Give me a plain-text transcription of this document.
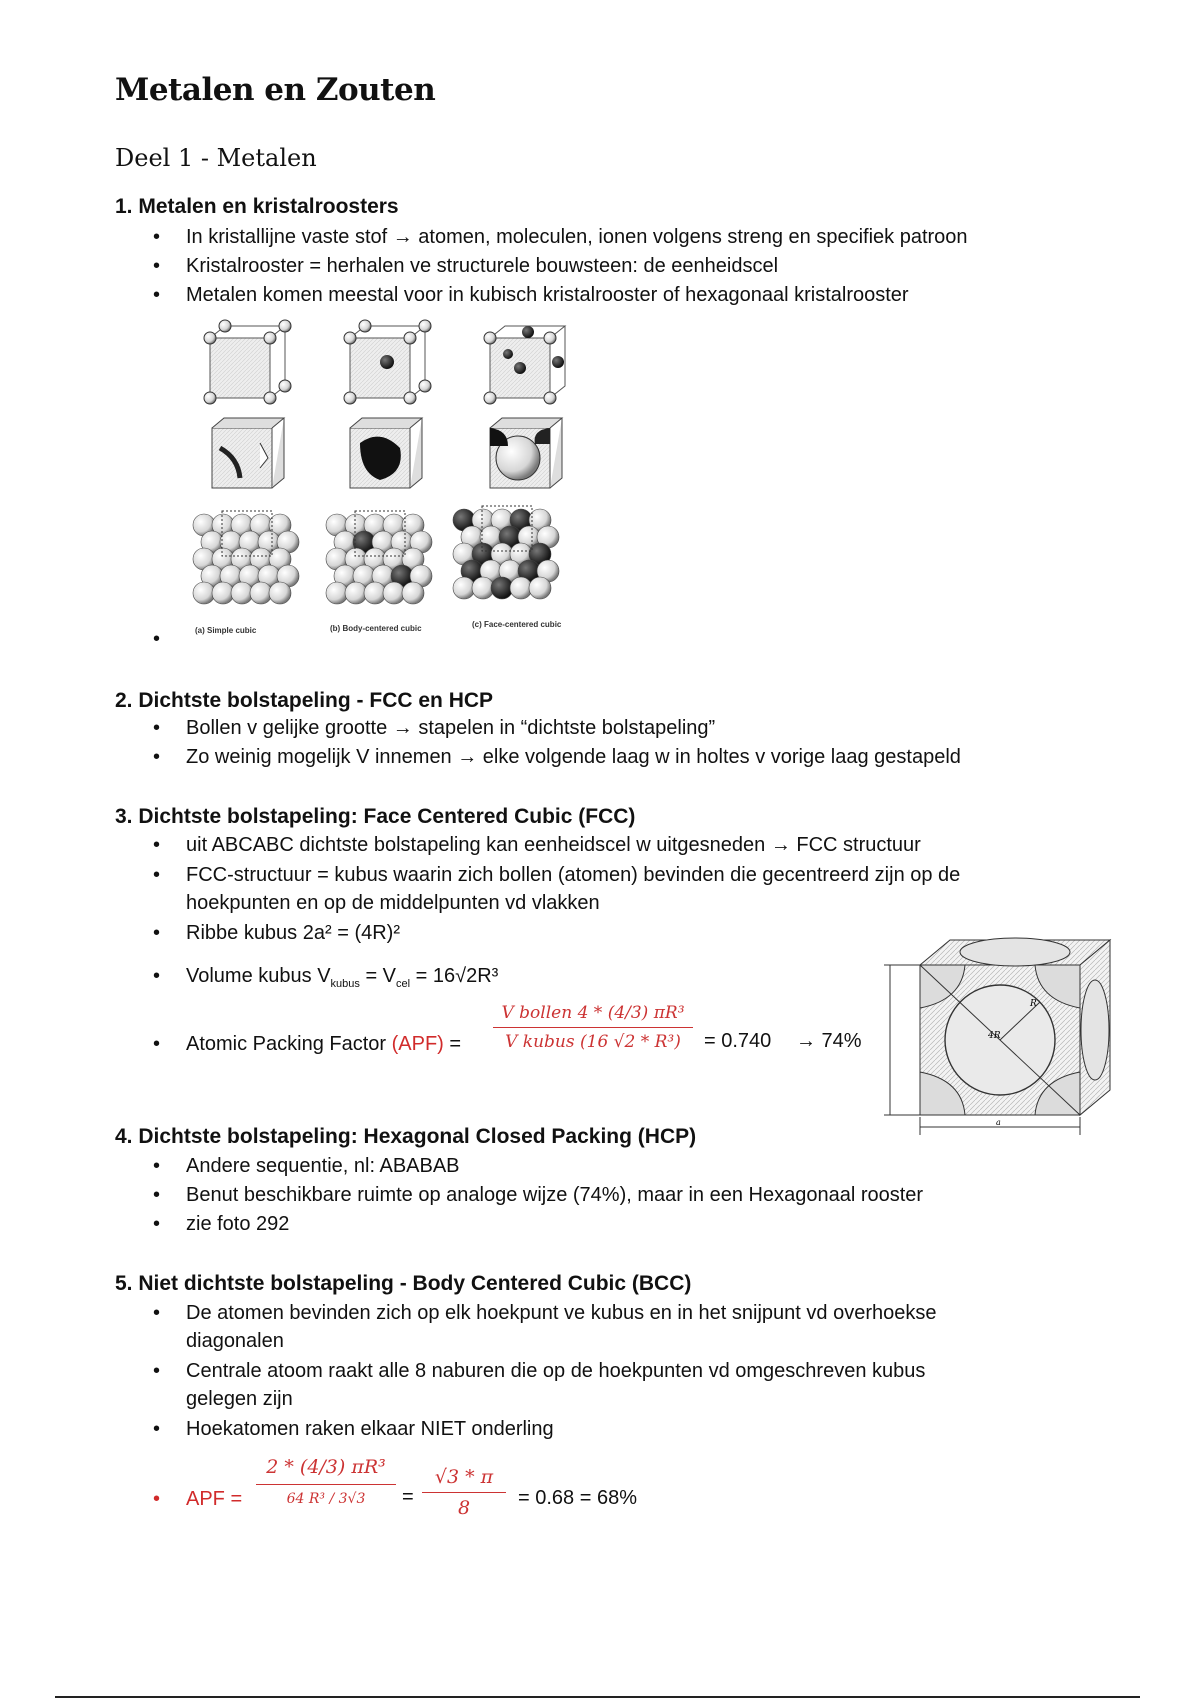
Metalen en Zouten
Deel 1 - Metalen
1. Metalen en kristalroosters
• In kristallijne vaste stof → atomen, moleculen, ionen volgens streng en specifiek patroon
• Kristalrooster = herhalen ve structurele bouwsteen: de eenheidscel
• Metalen komen meestal voor in kubisch kristalrooster of hexagonaal kristalrooster
(a) Simple cubic	(b) Body-centered cubic	(c) Face-centered cubic
•
2. Dichtste bolstapeling - FCC en HCP
• Bollen v gelijke grootte → stapelen in “dichtste bolstapeling”
• Zo weinig mogelijk V innemen → elke volgende laag w in holtes v vorige laag gestapeld
3. Dichtste bolstapeling: Face Centered Cubic (FCC)
• uit ABCABC dichtste bolstapeling kan eenheidscel w uitgesneden → FCC structuur
• FCC-structuur = kubus waarin zich bollen (atomen) bevinden die gecentreerd zijn op de
hoekpunten en op de middelpunten vd vlakken
• Ribbe kubus 2a² = (4R)²
• Volume kubus $V_{kubus} = V_{cel} = 16√2R^3$
• Atomic Packing Factor (APF) =
V bollen 4 * (4/3) πR³
V kubus (16 √2 * R³)	= 0.740 → 74%	4R
R
a
4. Dichtste bolstapeling: Hexagonal Closed Packing (HCP)
• Andere sequentie, nl: ABABAB
• Benut beschikbare ruimte op analoge wijze (74%), maar in een Hexagonaal rooster
• zie foto 292
5. Niet dichtste bolstapeling - Body Centered Cubic (BCC)
• De atomen bevinden zich op elk hoekpunt ve kubus en in het snijpunt vd overhoekse
diagonalen
• Centrale atoom raakt alle 8 naburen die op de hoekpunten vd omgeschreven kubus
gelegen zijn
• Hoekatomen raken elkaar NIET onderling
• APF =
2 * (4/3) πR³
64 R³ / 3√3	= $\frac{√3 * \pi}{8} = 0.68 = 68\%$
